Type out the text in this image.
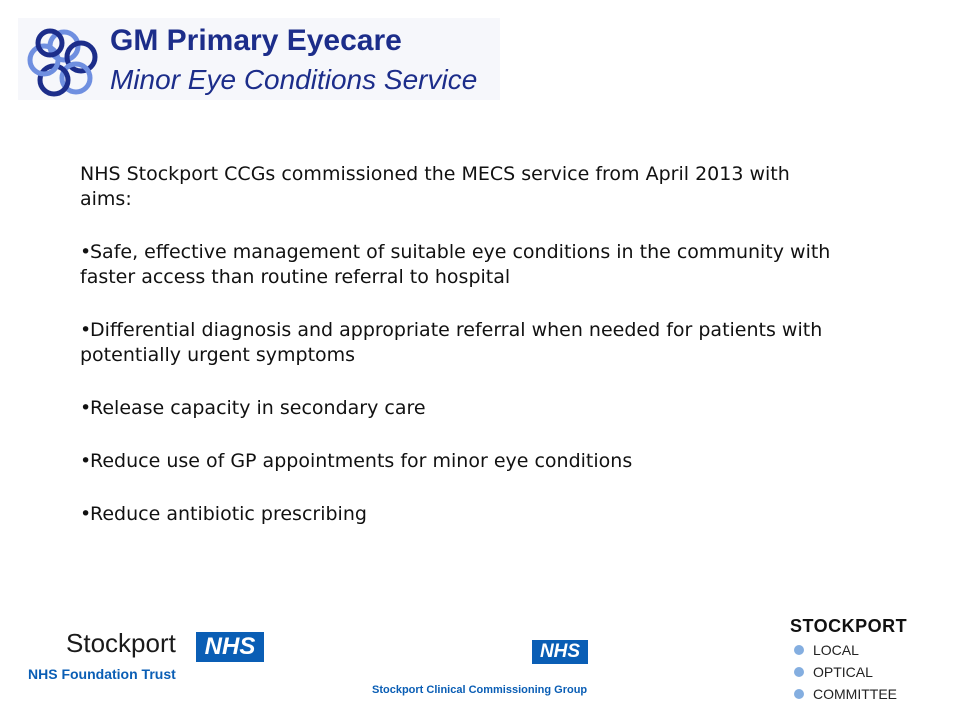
GM Primary Eyecare
Minor Eye Conditions Service

NHS Stockport CCGs commissioned the MECS service from April 2013 with aims:

•Safe, effective management of suitable eye conditions in the community with faster access than routine referral to hospital

•Differential diagnosis and appropriate referral when needed for patients with potentially urgent symptoms

•Release capacity in secondary care

•Reduce use of GP appointments for minor eye conditions

•Reduce antibiotic prescribing

Stockport	NHS
NHS Foundation Trust
NHS
Stockport Clinical Commissioning Group
STOCKPORT
LOCAL
OPTICAL
COMMITTEE
